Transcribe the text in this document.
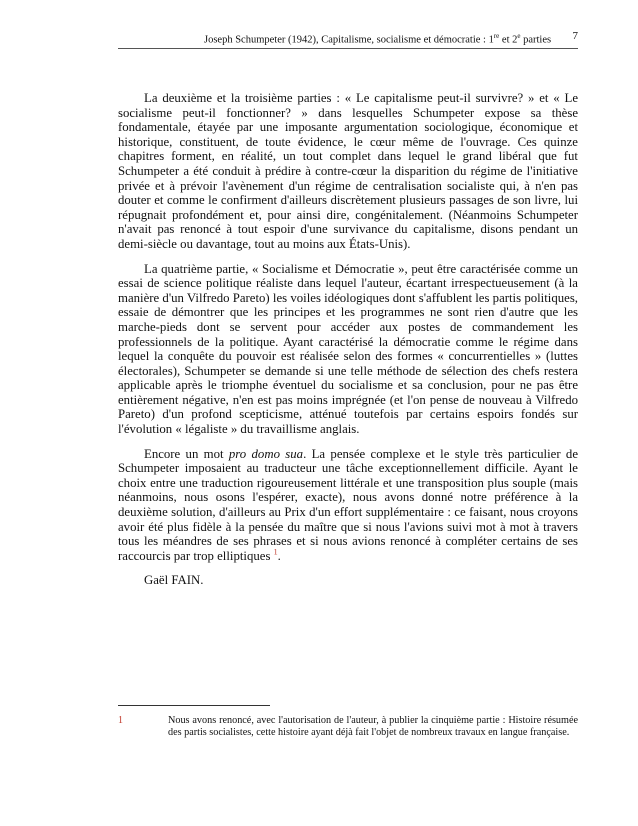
Joseph Schumpeter (1942), Capitalisme, socialisme et démocratie : 1re et 2e parties 7

La deuxième et la troisième parties : « Le capitalisme peut-il survivre? » et « Le socialisme peut-il fonctionner? » dans lesquelles Schumpeter expose sa thèse fondamentale, étayée par une imposante argumentation sociologique, économique et historique, constituent, de toute évidence, le cœur même de l'ouvrage. Ces quinze chapitres forment, en réalité, un tout complet dans lequel le grand libéral que fut Schumpeter a été conduit à prédire à contre-cœur la disparition du régime de l'initiative privée et à prévoir l'avènement d'un régime de centralisation socialiste qui, à n'en pas douter et comme le confirment d'ailleurs discrètement plusieurs passages de son livre, lui répugnait profondément et, pour ainsi dire, congénitalement. (Néanmoins Schumpeter n'avait pas renoncé à tout espoir d'une survivance du capitalisme, disons pendant un demi-siècle ou davantage, tout au moins aux États-Unis).

La quatrième partie, « Socialisme et Démocratie », peut être caractérisée comme un essai de science politique réaliste dans lequel l'auteur, écartant irrespectueusement (à la manière d'un Vilfredo Pareto) les voiles idéologiques dont s'affublent les partis politiques, essaie de démontrer que les principes et les programmes ne sont rien d'autre que les marche-pieds dont se servent pour accéder aux postes de commandement les professionnels de la politique. Ayant caractérisé la démocratie comme le régime dans lequel la conquête du pouvoir est réalisée selon des formes « concurrentielles » (luttes électorales), Schumpeter se demande si une telle méthode de sélection des chefs restera applicable après le triomphe éventuel du socialisme et sa conclusion, pour ne pas être entièrement négative, n'en est pas moins imprégnée (et l'on pense de nouveau à Vilfredo Pareto) d'un profond scepticisme, atténué toutefois par certains espoirs fondés sur l'évolution « légaliste » du travaillisme anglais.

Encore un mot pro domo sua. La pensée complexe et le style très particulier de Schumpeter imposaient au traducteur une tâche exceptionnellement difficile. Ayant le choix entre une traduction rigoureusement littérale et une transposition plus souple (mais néanmoins, nous osons l'espérer, exacte), nous avons donné notre préférence à la deuxième solution, d'ailleurs au Prix d'un effort supplémentaire : ce faisant, nous croyons avoir été plus fidèle à la pensée du maître que si nous l'avions suivi mot à mot à travers tous les méandres de ses phrases et si nous avions renoncé à compléter certains de ses raccourcis par trop elliptiques $^1$.

Gaël FAIN.

1	Nous avons renoncé, avec l'autorisation de l'auteur, à publier la cinquième partie : Histoire résumée des partis socialistes, cette histoire ayant déjà fait l'objet de nombreux travaux en langue française.
